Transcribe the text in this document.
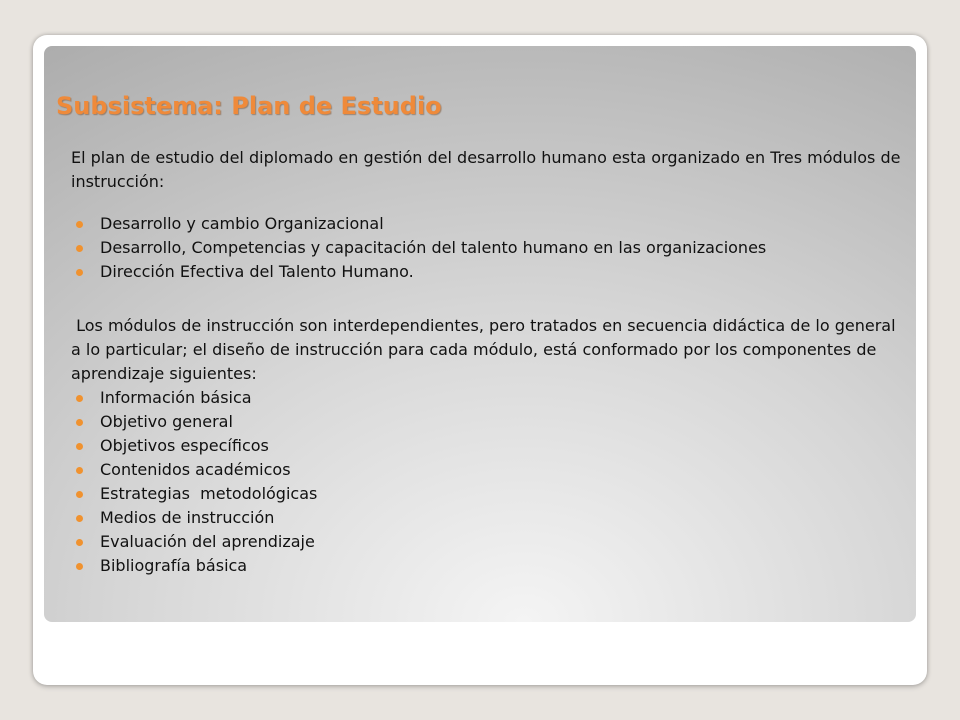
Subsistema: Plan de Estudio

El plan de estudio del diplomado en gestión del desarrollo humano esta organizado en Tres módulos de instrucción:

Desarrollo y cambio Organizacional
Desarrollo, Competencias y capacitación del talento humano en las organizaciones
Dirección Efectiva del Talento Humano.

Los módulos de instrucción son interdependientes, pero tratados en secuencia didáctica de lo general a lo particular; el diseño de instrucción para cada módulo, está conformado por los componentes de aprendizaje siguientes:

Información básica
Objetivo general
Objetivos específicos
Contenidos académicos
Estrategias  metodológicas
Medios de instrucción
Evaluación del aprendizaje
Bibliografía básica
